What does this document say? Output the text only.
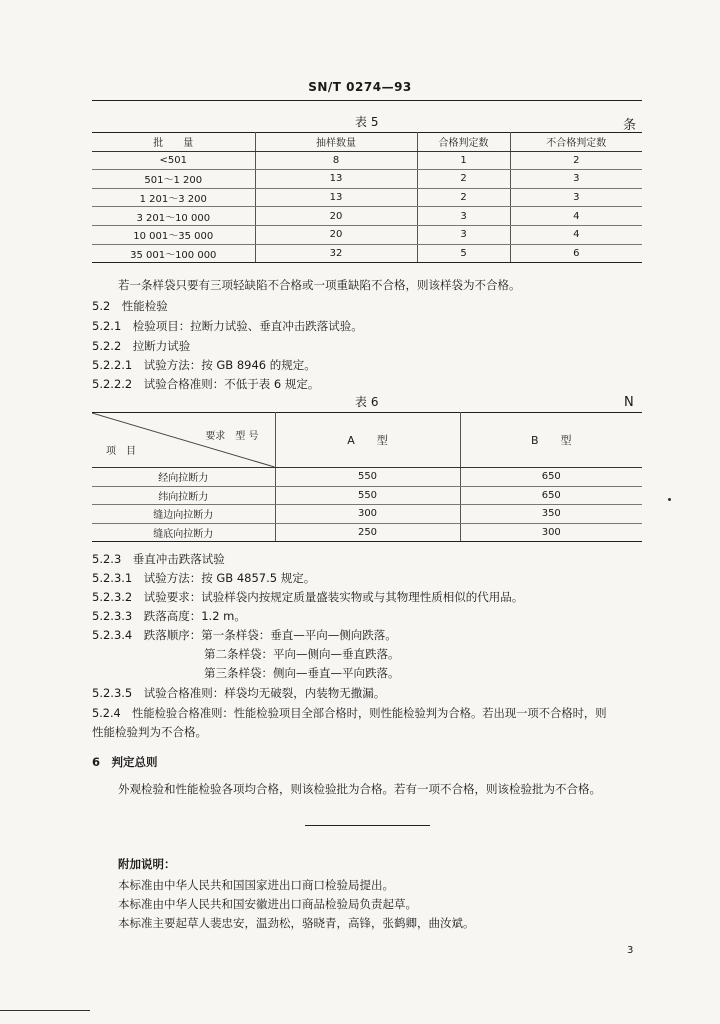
SN/T 0274—93
表 5	条
批　　量	抽样数量	合格判定数	不合格判定数
<501	8	1	2
501～1 200	13	2	3
1 201～3 200	13	2	3
3 201～10 000	20	3	4
10 001～35 000	20	3	4
35 001～100 000	32	5	6
若一条样袋只要有三项轻缺陷不合格或一项重缺陷不合格，则该样袋为不合格。
5.2　性能检验
5.2.1　检验项目：拉断力试验、垂直冲击跌落试验。
5.2.2　拉断力试验
5.2.2.1　试验方法：按 GB 8946 的规定。
5.2.2.2　试验合格准则：不低于表 6 规定。
表 6	N
要求　型 号
项　目	A　　型	B　　型
经向拉断力	550	650
纬向拉断力	550	650
缝边向拉断力	300	350
缝底向拉断力	250	300
5.2.3　垂直冲击跌落试验
5.2.3.1　试验方法：按 GB 4857.5 规定。
5.2.3.2　试验要求：试验样袋内按规定质量盛装实物或与其物理性质相似的代用品。
5.2.3.3　跌落高度：1.2 m。
5.2.3.4　跌落顺序：第一条样袋：垂直—平向—侧向跌落。
第二条样袋：平向—侧向—垂直跌落。
第三条样袋：侧向—垂直—平向跌落。
5.2.3.5　试验合格准则：样袋均无破裂，内装物无撒漏。
5.2.4　性能检验合格准则：性能检验项目全部合格时，则性能检验判为合格。若出现一项不合格时，则
性能检验判为不合格。
6　判定总则
外观检验和性能检验各项均合格，则该检验批为合格。若有一项不合格，则该检验批为不合格。
附加说明：
本标准由中华人民共和国国家进出口商口检验局提出。
本标准由中华人民共和国安徽进出口商品检验局负责起草。
本标准主要起草人裴忠安，温劲松，骆晓青，高锋，张鹤卿，曲汝斌。
3
